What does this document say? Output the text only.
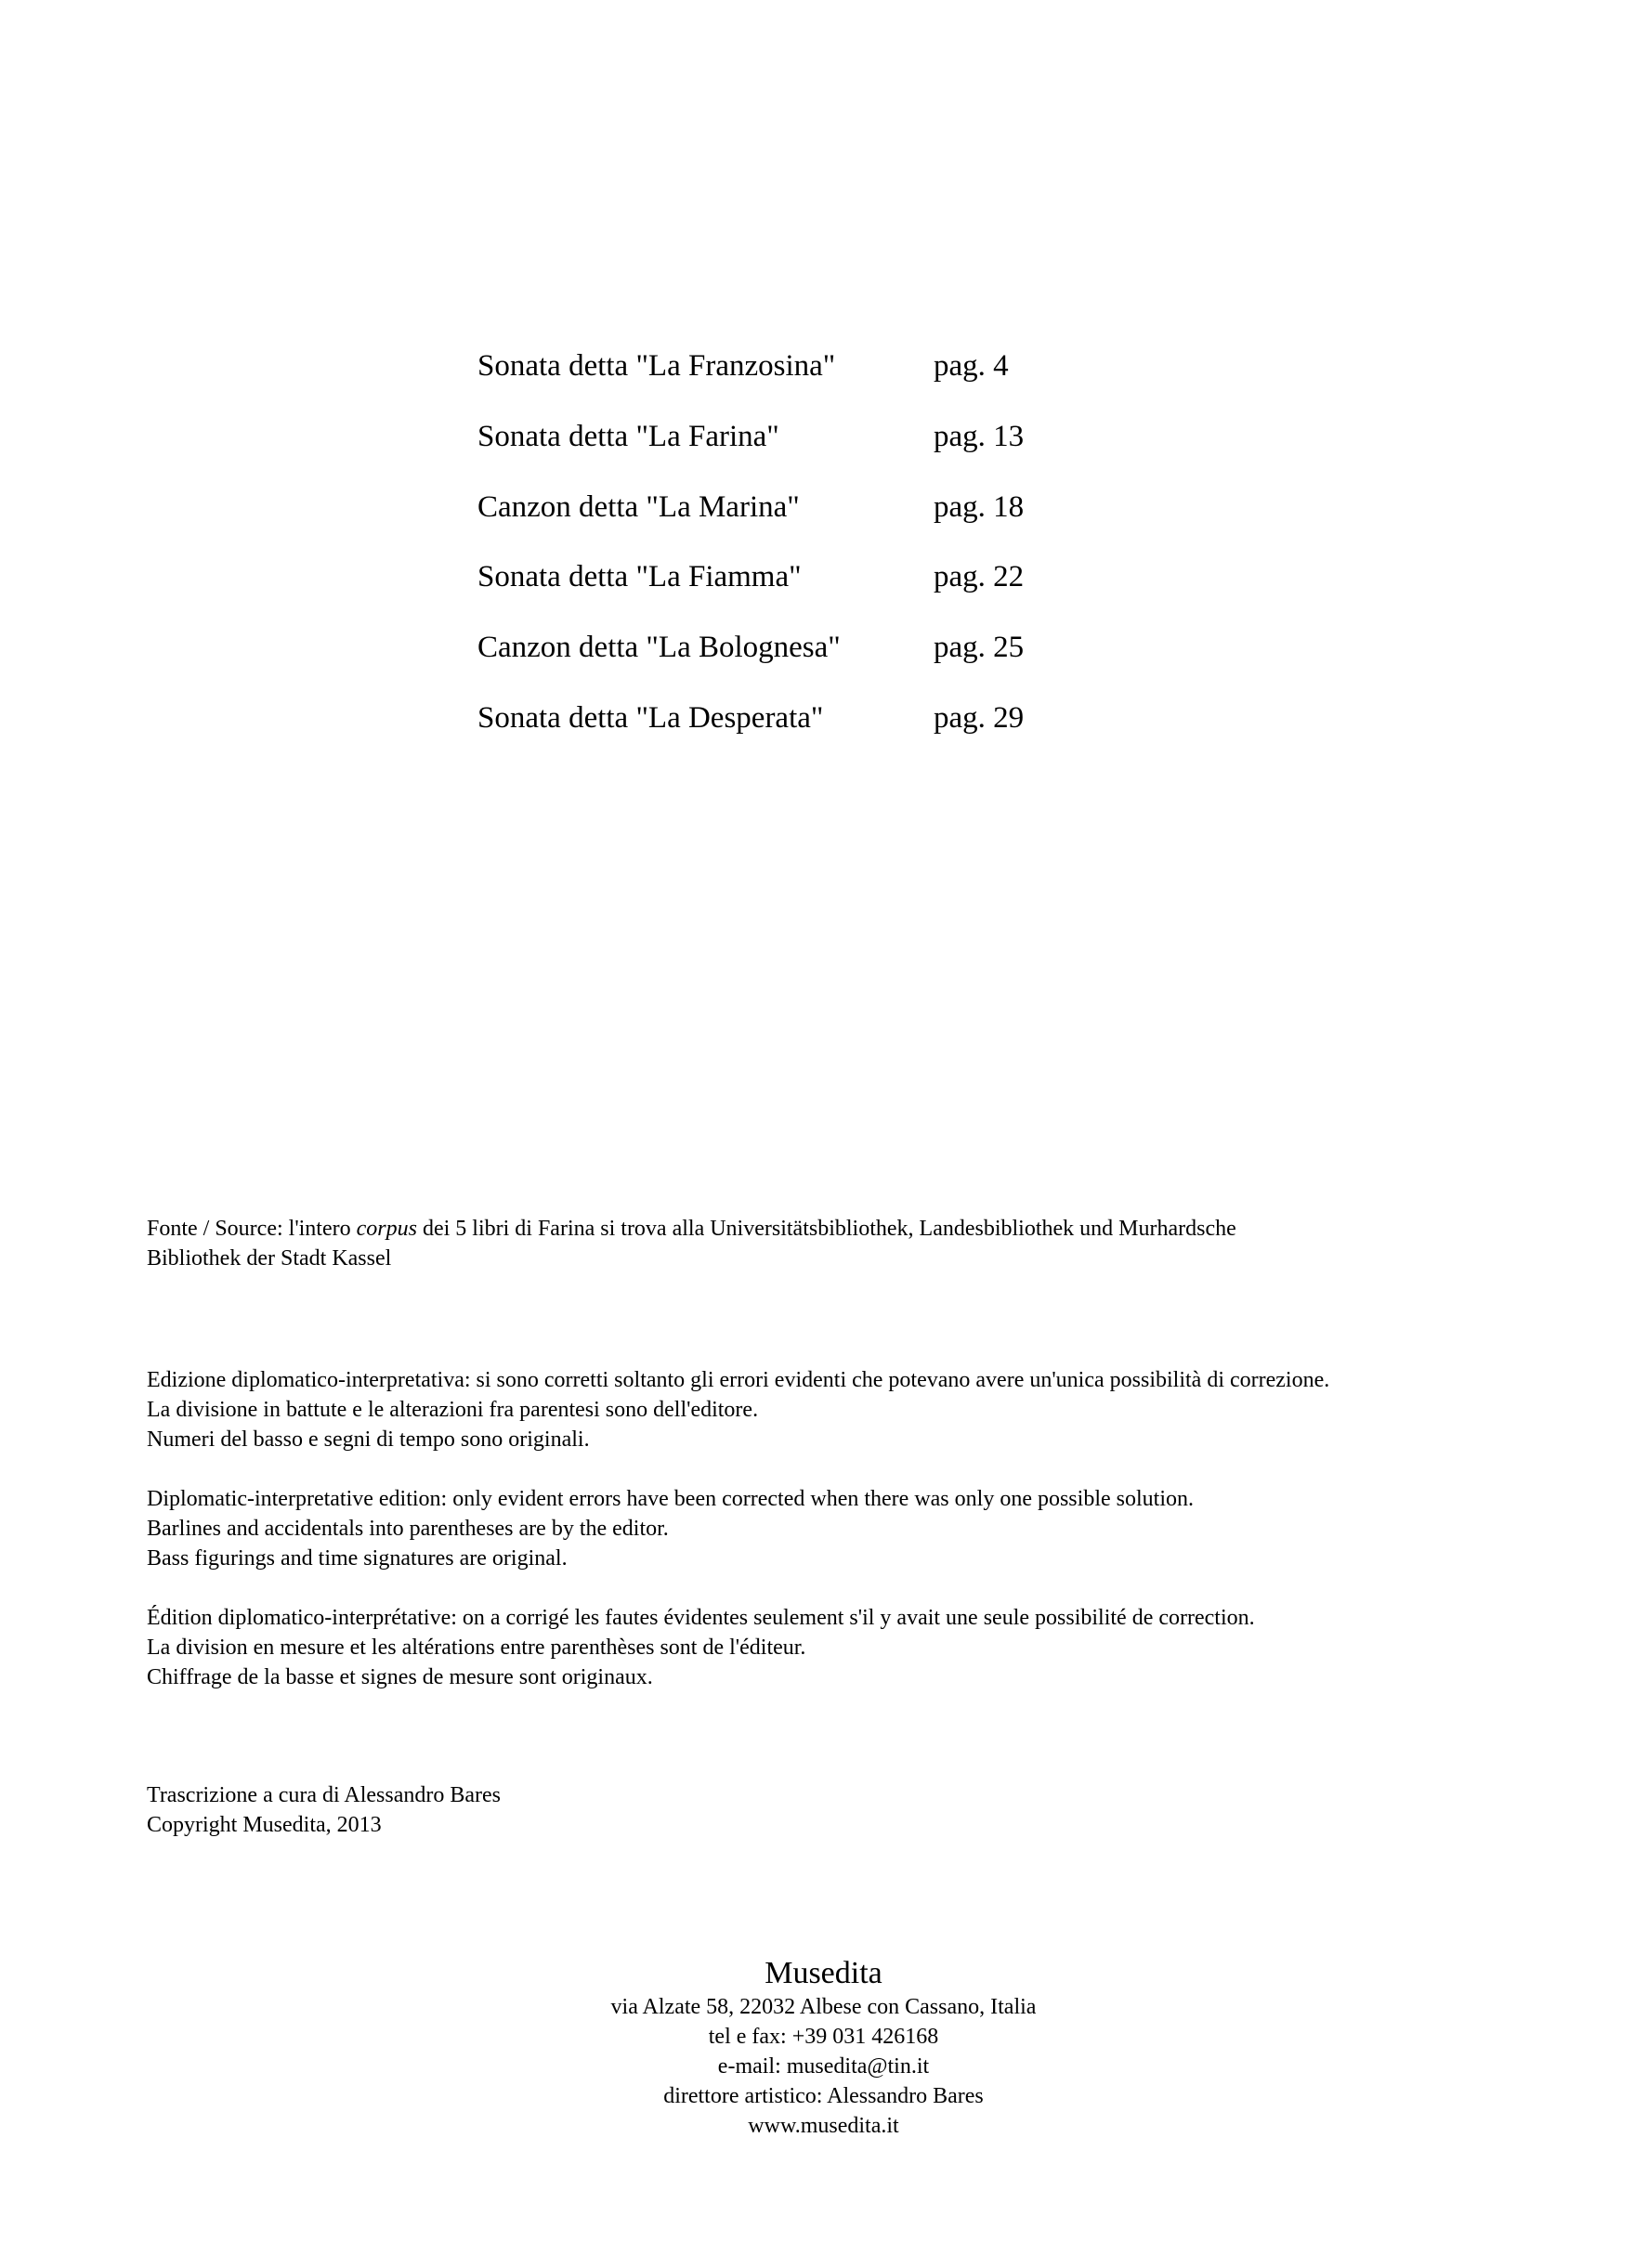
Sonata detta "La Franzosina"	pag. 4
Sonata detta "La Farina"	pag. 13
Canzon detta "La Marina"	pag. 18
Sonata detta "La Fiamma"	pag. 22
Canzon detta "La Bolognesa"	pag. 25
Sonata detta "La Desperata"	pag. 29
Fonte / Source: l'intero corpus dei 5 libri di Farina si trova alla Universitätsbibliothek, Landesbibliothek und Murhardsche
Bibliothek der Stadt Kassel
Edizione diplomatico-interpretativa: si sono corretti soltanto gli errori evidenti che potevano avere un'unica possibilità di correzione.
La divisione in battute e le alterazioni fra parentesi sono dell'editore.
Numeri del basso e segni di tempo sono originali.
Diplomatic-interpretative edition: only evident errors have been corrected when there was only one possible solution.
Barlines and accidentals into parentheses are by the editor.
Bass figurings and time signatures are original.
Édition diplomatico-interprétative: on a corrigé les fautes évidentes seulement s'il y avait une seule possibilité de correction.
La division en mesure et les altérations entre parenthèses sont de l'éditeur.
Chiffrage de la basse et signes de mesure sont originaux.
Trascrizione a cura di Alessandro Bares
Copyright Musedita, 2013
Musedita
via Alzate 58, 22032 Albese con Cassano, Italia
tel e fax: +39 031 426168
e-mail: musedita@tin.it
direttore artistico: Alessandro Bares
www.musedita.it
